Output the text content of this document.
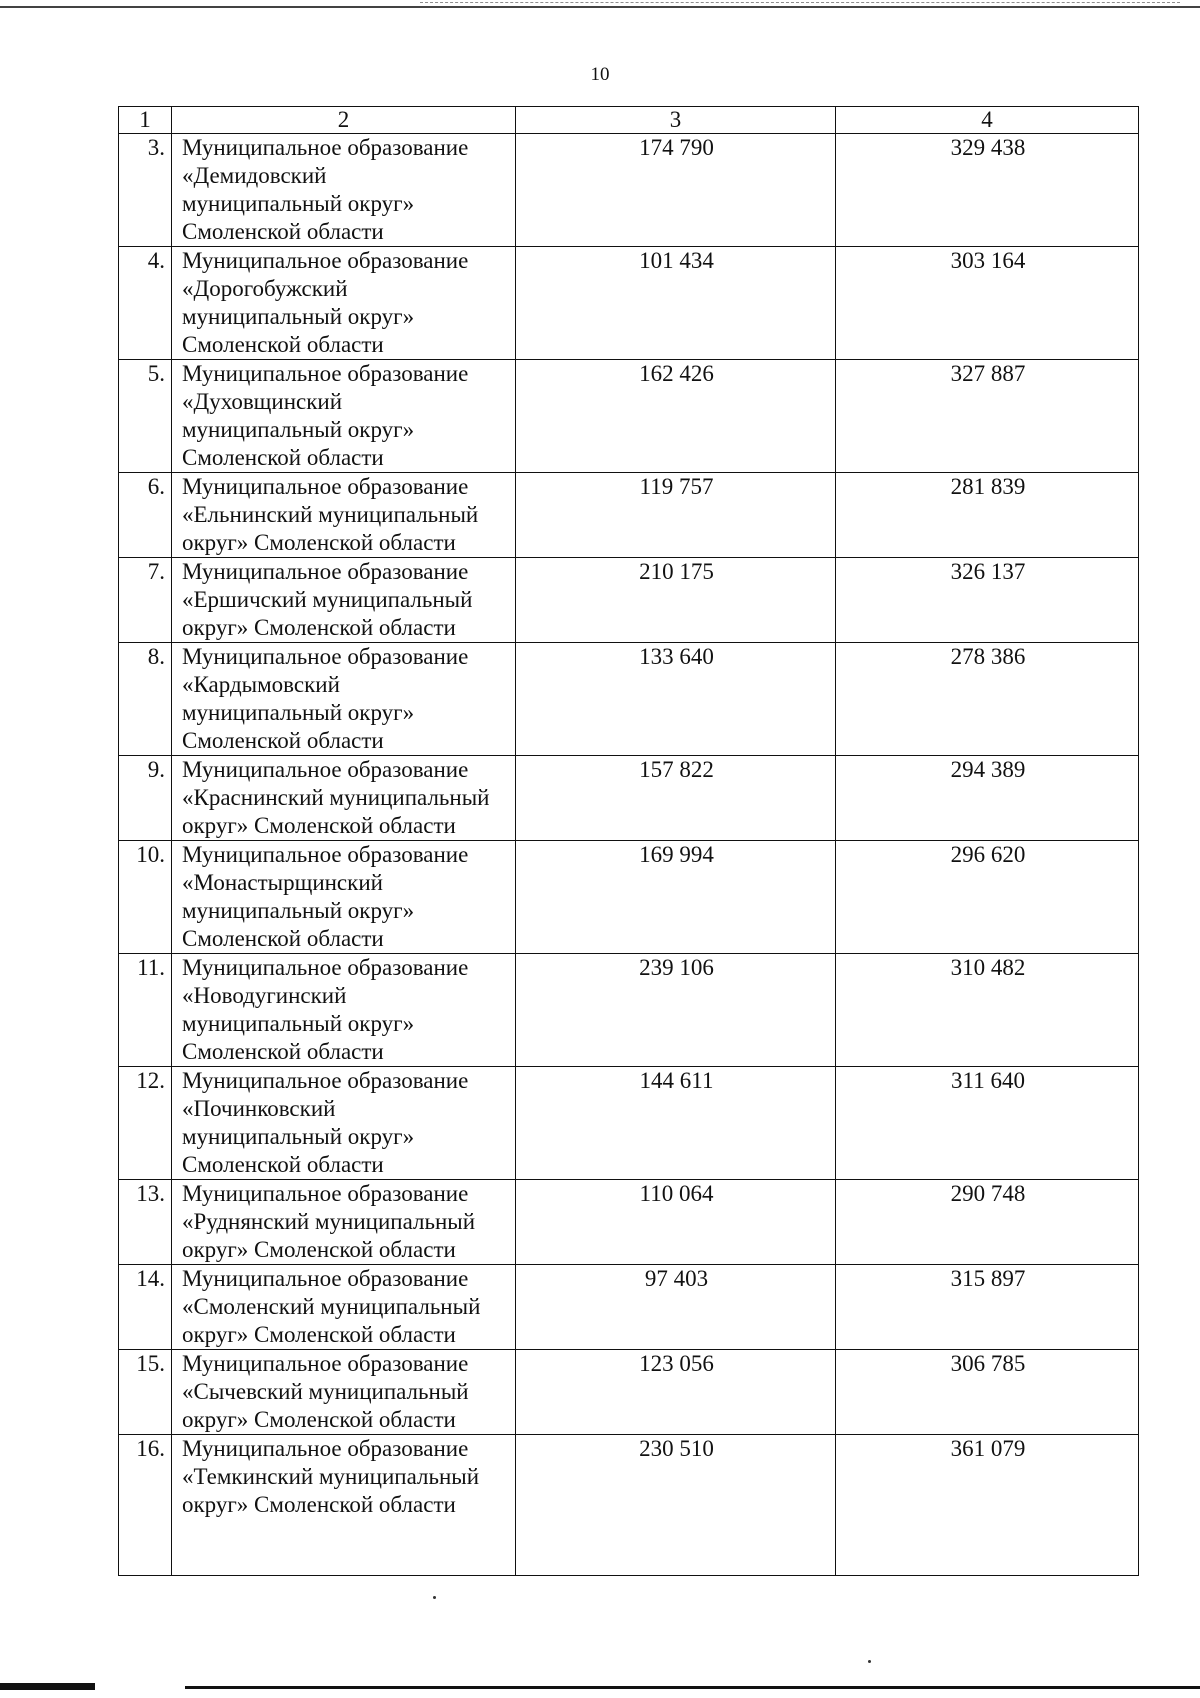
10
1	2	3	4
3.	Муниципальное образование
«Демидовский
муниципальный округ»
Смоленской области	174 790	329 438
4.	Муниципальное образование
«Дорогобужский
муниципальный округ»
Смоленской области	101 434	303 164
5.	Муниципальное образование
«Духовщинский
муниципальный округ»
Смоленской области	162 426	327 887
6.	Муниципальное образование
«Ельнинский муниципальный
округ» Смоленской области	119 757	281 839
7.	Муниципальное образование
«Ершичский муниципальный
округ» Смоленской области	210 175	326 137
8.	Муниципальное образование
«Кардымовский
муниципальный округ»
Смоленской области	133 640	278 386
9.	Муниципальное образование
«Краснинский муниципальный
округ» Смоленской области	157 822	294 389
10.	Муниципальное образование
«Монастырщинский
муниципальный округ»
Смоленской области	169 994	296 620
11.	Муниципальное образование
«Новодугинский
муниципальный округ»
Смоленской области	239 106	310 482
12.	Муниципальное образование
«Починковский
муниципальный округ»
Смоленской области	144 611	311 640
13.	Муниципальное образование
«Руднянский муниципальный
округ» Смоленской области	110 064	290 748
14.	Муниципальное образование
«Смоленский муниципальный
округ» Смоленской области	97 403	315 897
15.	Муниципальное образование
«Сычевский муниципальный
округ» Смоленской области	123 056	306 785
16.	Муниципальное образование
«Темкинский муниципальный
округ» Смоленской области	230 510	361 079
